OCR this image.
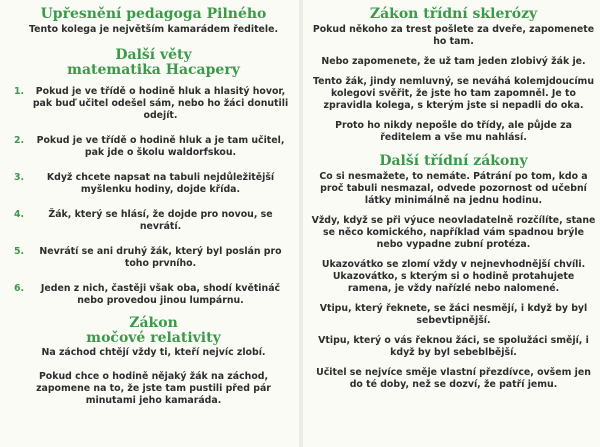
Upřesnění pedagoga Pilného

Tento kolega je největším kamarádem ředitele.

Další věty

matematika Hacapery

1.	Pokud je ve třídě o hodině hluk a hlasitý hovor, pak buď učitel odešel sám, nebo ho žáci donutili odejít.

2.	Pokud je ve třídě o hodině hluk a je tam učitel, pak jde o školu waldorfskou.

3.	Když chcete napsat na tabuli nejdůležitější myšlenku hodiny, dojde křída.

4.	Žák, který se hlásí, že dojde pro novou, se nevrátí.

5.	Nevrátí se ani druhý žák, který byl poslán pro toho prvního.

6.	Jeden z nich, častěji však oba, shodí květináč nebo provedou jinou lumpárnu.

Zákon

močové relativity

Na záchod chtějí vždy ti, kteří nejvíc zlobí.

Pokud chce o hodině nějaký žák na záchod, zapomene na to, že jste tam pustili před pár minutami jeho kamaráda.

Zákon třídní sklerózy

Pokud někoho za trest pošlete za dveře, zapomenete ho tam.

Nebo zapomenete, že už tam jeden zlobivý žák je.

Tento žák, jindy nemluvný, se neváhá kolemjdoucímu kolegovi svěřit, že jste ho tam zapomněl. Je to zpravidla kolega, s kterým jste si nepadli do oka.

Proto ho nikdy nepošle do třídy, ale půjde za ředitelem a vše mu nahlásí.

Další třídní zákony

Co si nesmažete, to nemáte. Pátrání po tom, kdo a proč tabuli nesmazal, odvede pozornost od učební látky minimálně na jednu hodinu.

Vždy, když se při výuce neovladatelně rozčílíte, stane se něco komického, například vám spadnou brýle nebo vypadne zubní protéza.

Ukazovátko se zlomí vždy v nejnevhodnější chvíli. Ukazovátko, s kterým si o hodině protahujete ramena, je vždy nařízlé nebo nalomené.

Vtipu, který řeknete, se žáci nesmějí, i když by byl sebevtipnější.

Vtipu, který o vás řeknou žáci, se spolužáci smějí, i když by byl sebeblbější.

Učitel se nejvíce směje vlastní přezdívce, ovšem jen do té doby, než se dozví, že patří jemu.
